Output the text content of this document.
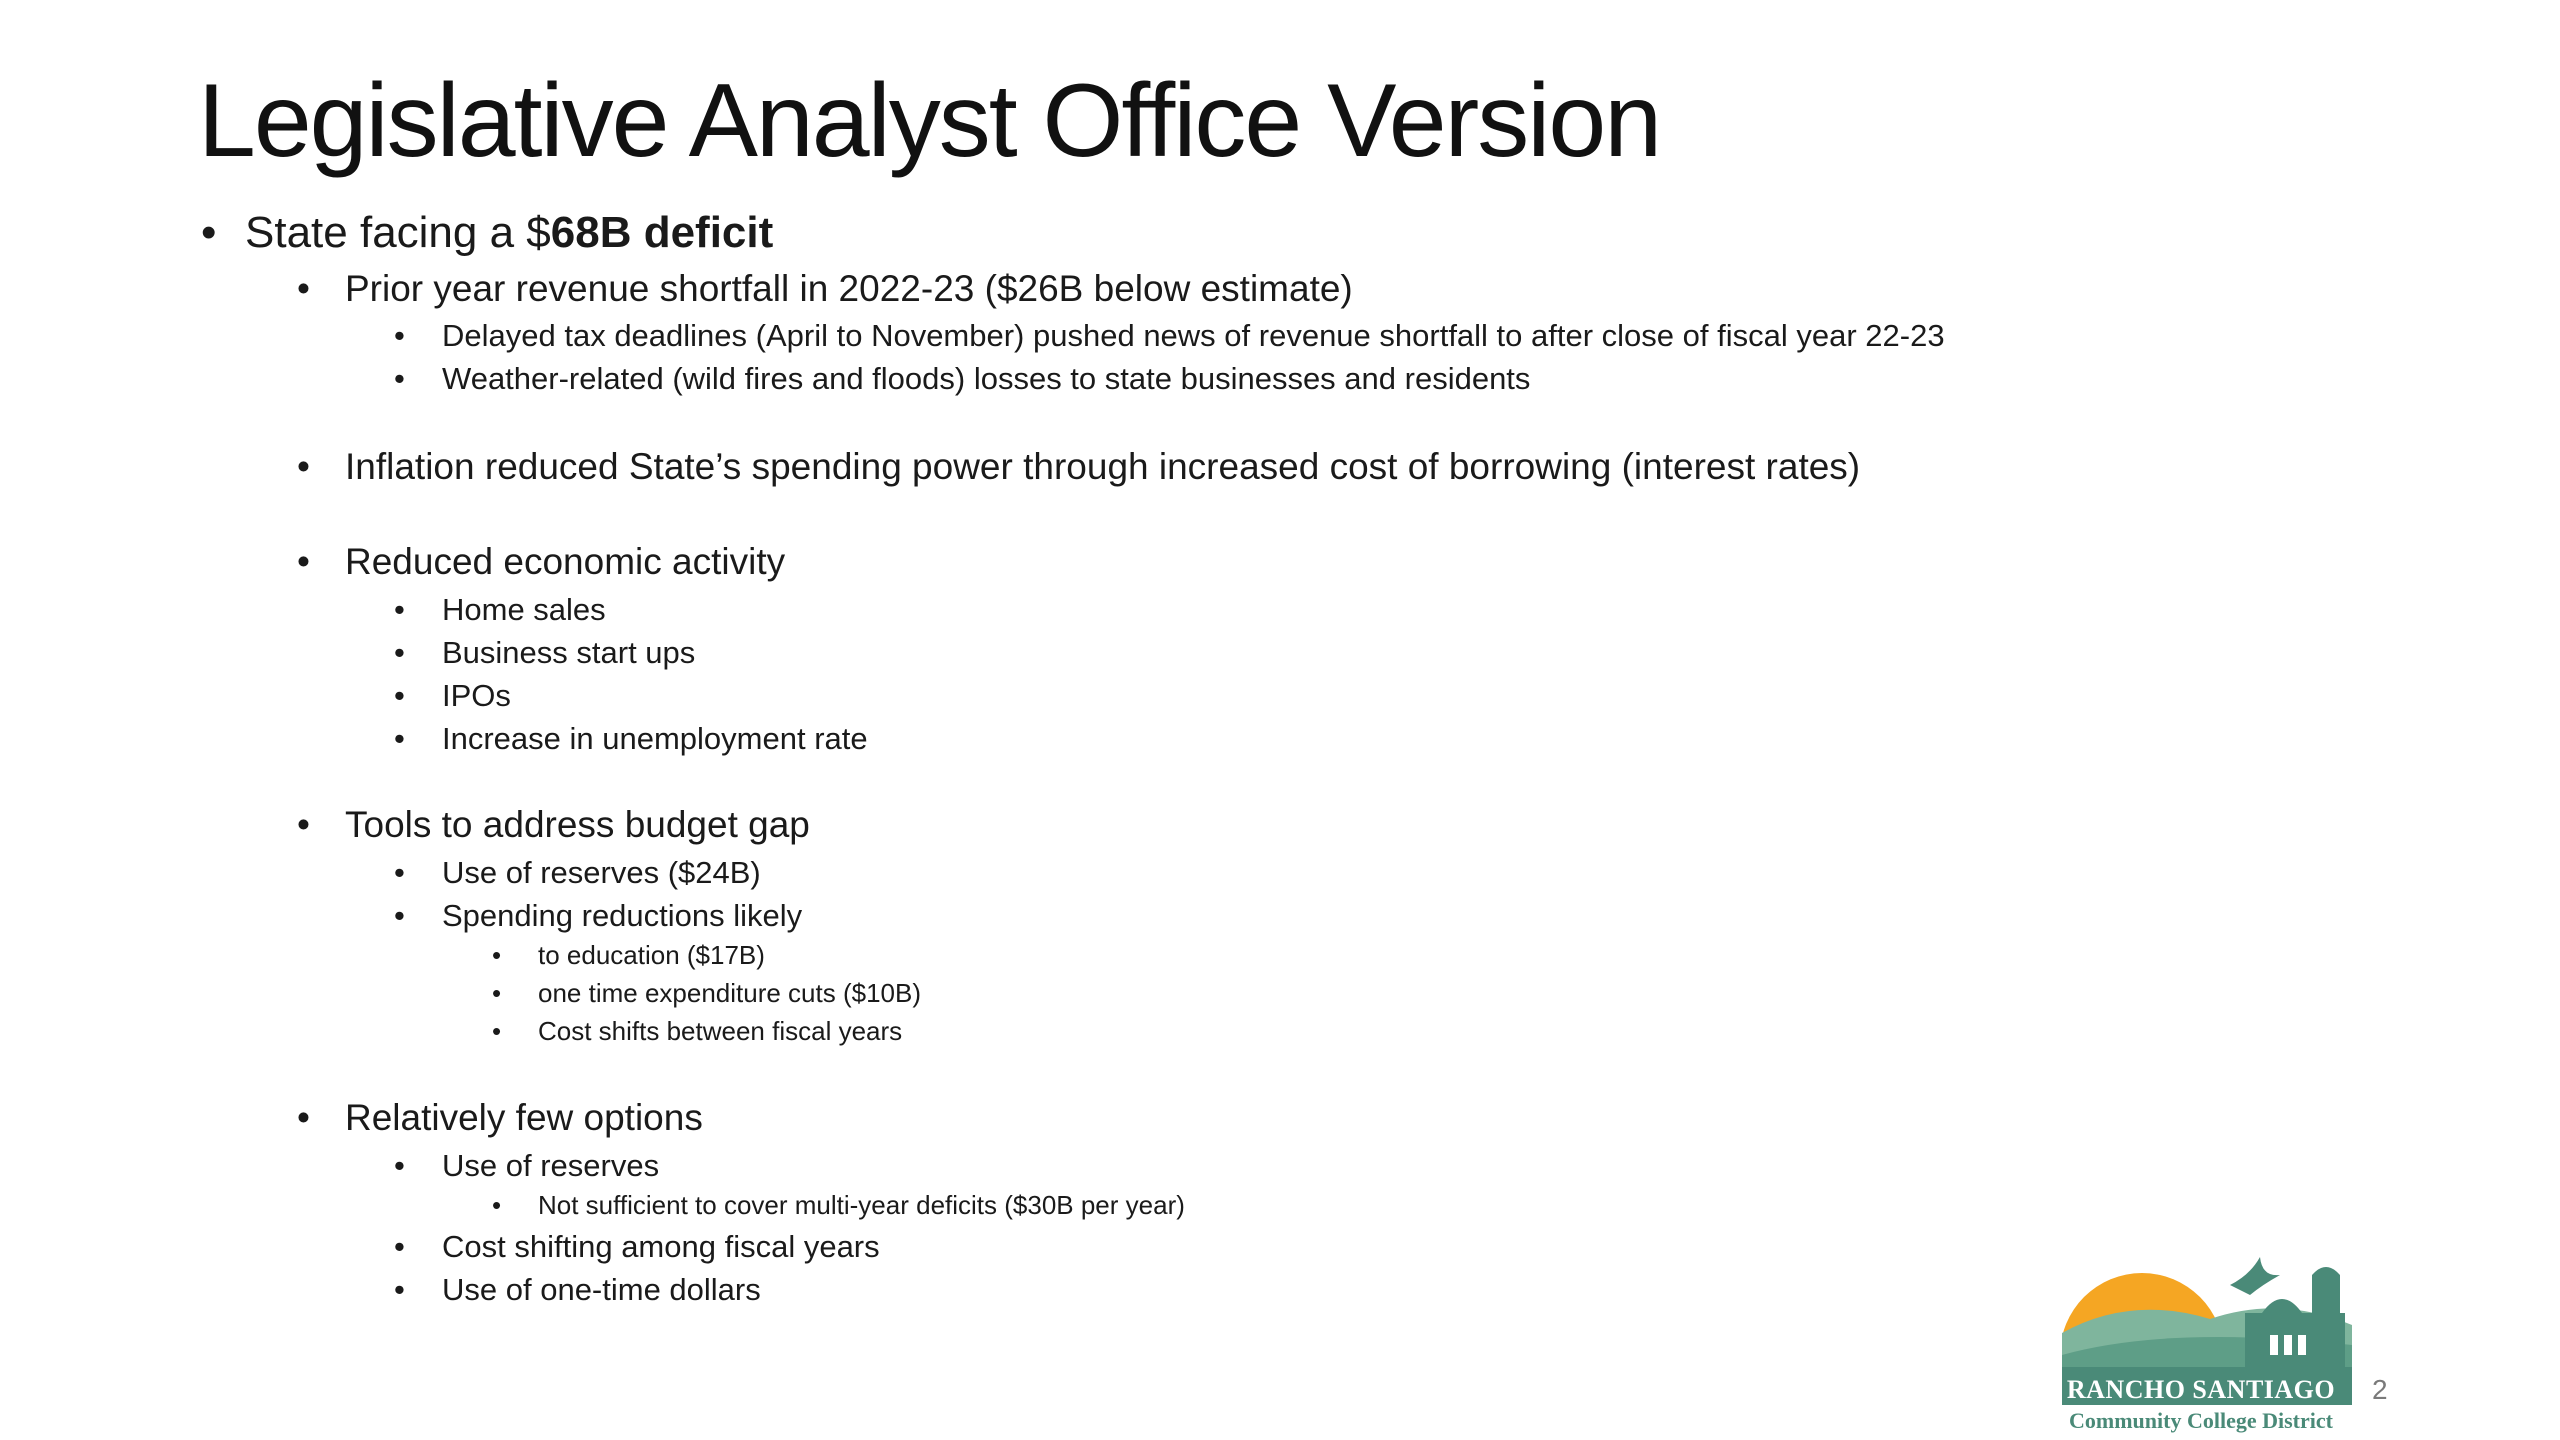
Legislative Analyst Office Version
• State facing a $68B deficit
• Prior year revenue shortfall in 2022-23 ($26B below estimate)
• Delayed tax deadlines (April to November) pushed news of revenue shortfall to after close of fiscal year 22-23
• Weather-related (wild fires and floods) losses to state businesses and residents
• Inflation reduced State’s spending power through increased cost of borrowing (interest rates)
• Reduced economic activity
• Home sales
• Business start ups
• IPOs
• Increase in unemployment rate
• Tools to address budget gap
• Use of reserves ($24B)
• Spending reductions likely
• to education ($17B)
• one time expenditure cuts ($10B)
• Cost shifts between fiscal years
• Relatively few options
• Use of reserves
• Not sufficient to cover multi-year deficits ($30B per year)
• Cost shifting among fiscal years
• Use of one-time dollars
RANCHO SANTIAGO
Community College District
2
